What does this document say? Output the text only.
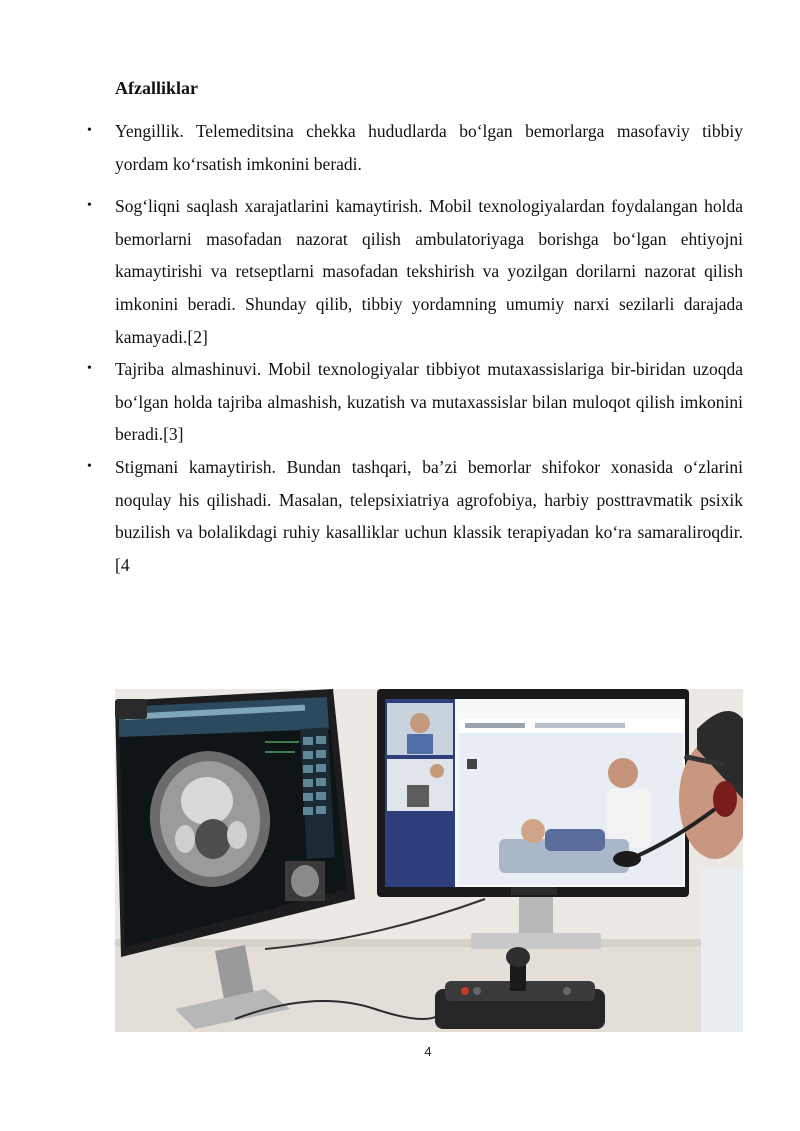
Afzalliklar
• Yengillik. Telemeditsina chekka hududlarda bo‘lgan bemorlarga masofaviy tibbiy yordam ko‘rsatish imkonini beradi.

• Sog‘liqni saqlash xarajatlarini kamaytirish. Mobil texnologiyalardan foydalangan holda bemorlarni masofadan nazorat qilish ambulatoriyaga borishga bo‘lgan ehtiyojni kamaytirishi va retseptlarni masofadan tekshirish va yozilgan dorilarni nazorat qilish imkonini beradi. Shunday qilib, tibbiy yordamning umumiy narxi sezilarli darajada kamayadi.[2]

• Tajriba almashinuvi. Mobil texnologiyalar tibbiyot mutaxassislariga bir-biridan uzoqda bo‘lgan holda tajriba almashish, kuzatish va mutaxassislar bilan muloqot qilish imkonini beradi.[3]

• Stigmani kamaytirish. Bundan tashqari, ba’zi bemorlar shifokor xonasida o‘zlarini noqulay his qilishadi. Masalan, telepsixiatriya agrofobiya, harbiy posttravmatik psixik buzilish va bolalikdagi ruhiy kasalliklar uchun klassik terapiyadan ko‘ra samaraliroqdir.[4

4
